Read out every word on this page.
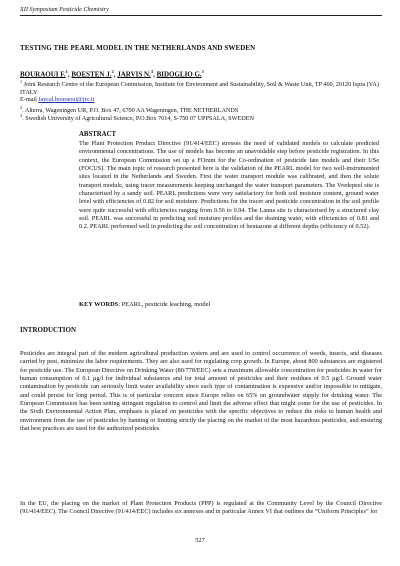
XII Symposium Pesticide Chemistry
TESTING THE PEARL MODEL IN THE NETHERLANDS AND SWEDEN
BOURAOUI F.$^1$, BOESTEN J.$^2$, JARVIS N.$^3$, BIDOGLIO G.$^1$
$^1$ Joint Research Centre of the European Commission, Institute for Environment and Sustainability, Soil & Waste Unit, TP 460, 20120 Ispra (VA) ITALY
E-mail faycal.bouraoui@jrc.it
$^2$. Alterra, Wageningen UR, P.O. Box 47, 6700 AA Wageningen, THE NETHERLANDS
$^3$. Swedish University of Agricultural Science, P.O.Box 7014, S-750 07 UPPSALA, SWEDEN
ABSTRACT
The Plant Protection Product Directive (91/414/EEC) stresses the need of validated models to calculate predicted environmental concentrations. The use of models has become an unavoidable step before pesticide registration. In this context, the European Commission set up a FOrum for the Co-ordination of pesticide fate models and their USe (FOCUS). The main topic of research presented here is the validation of the PEARL model for two well-instrumented sites located in the Netherlands and Sweden. First the water transport module was calibrated, and then the solute transport module, using tracer measurements keeping unchanged the water transport parameters. The Vredepeel site is characterised by a sandy soil. PEARL predictions were very satisfactory for both soil moisture content, ground water level with efficiencies of 0.82 for soil moisture. Predictions for the tracer and pesticide concentration in the soil profile were quite successful with efficiencies ranging from 0.56 to 0.94. The Lanna site is characterised by a structured clay soil. PEARL was successful in predicting soil moisture profiles and the draining water, with efficiencies of 0.81 and 0.2. PEARL performed well in predicting the soil concentration of bentazone at different depths (efficiency of 0.52).
KEY WORDS: PEARL, pesticide leaching, model
INTRODUCTION
Pesticides are integral part of the modern agricultural production system and are used to control occurrence of weeds, insects, and diseases carried by pest, minimize the labor requirements. They are also used for regulating crop growth. In Europe, about 800 substances are registered for pesticide use. The European Directive on Drinking Water (80/778/EEC) sets a maximum allowable concentration for pesticides in water for human consumption of 0.1 µg/l for individual substances and for total amount of pesticides and their residues of 0.5 µg/l. Ground water contamination by pesticide can seriously limit water availability since such type of contamination is expensive and/or impossible to mitigate, and could persist for long period. This is of particular concern since Europe relies on 65% on groundwater supply for drinking water. The European Commission has been setting stringent regulation to control and limit the adverse effect that might come for the use of pesticides. In the Sixth Environmental Action Plan, emphasis is placed on pesticides with the specific objectives to reduce the risks to human health and environment from the use of pesticides by banning or limiting strictly the placing on the market of the most hazardous pesticides, and ensuring that best practices are used for the authorized pesticides.
In the EU, the placing on the market of Plant Protection Products (PPP) is regulated at the Community Level by the Council Directive (91/414/EEC). The Council Directive (91/414/EEC) includes six annexes and in particular Annex VI that outlines the “Uniform Principles” for
527
